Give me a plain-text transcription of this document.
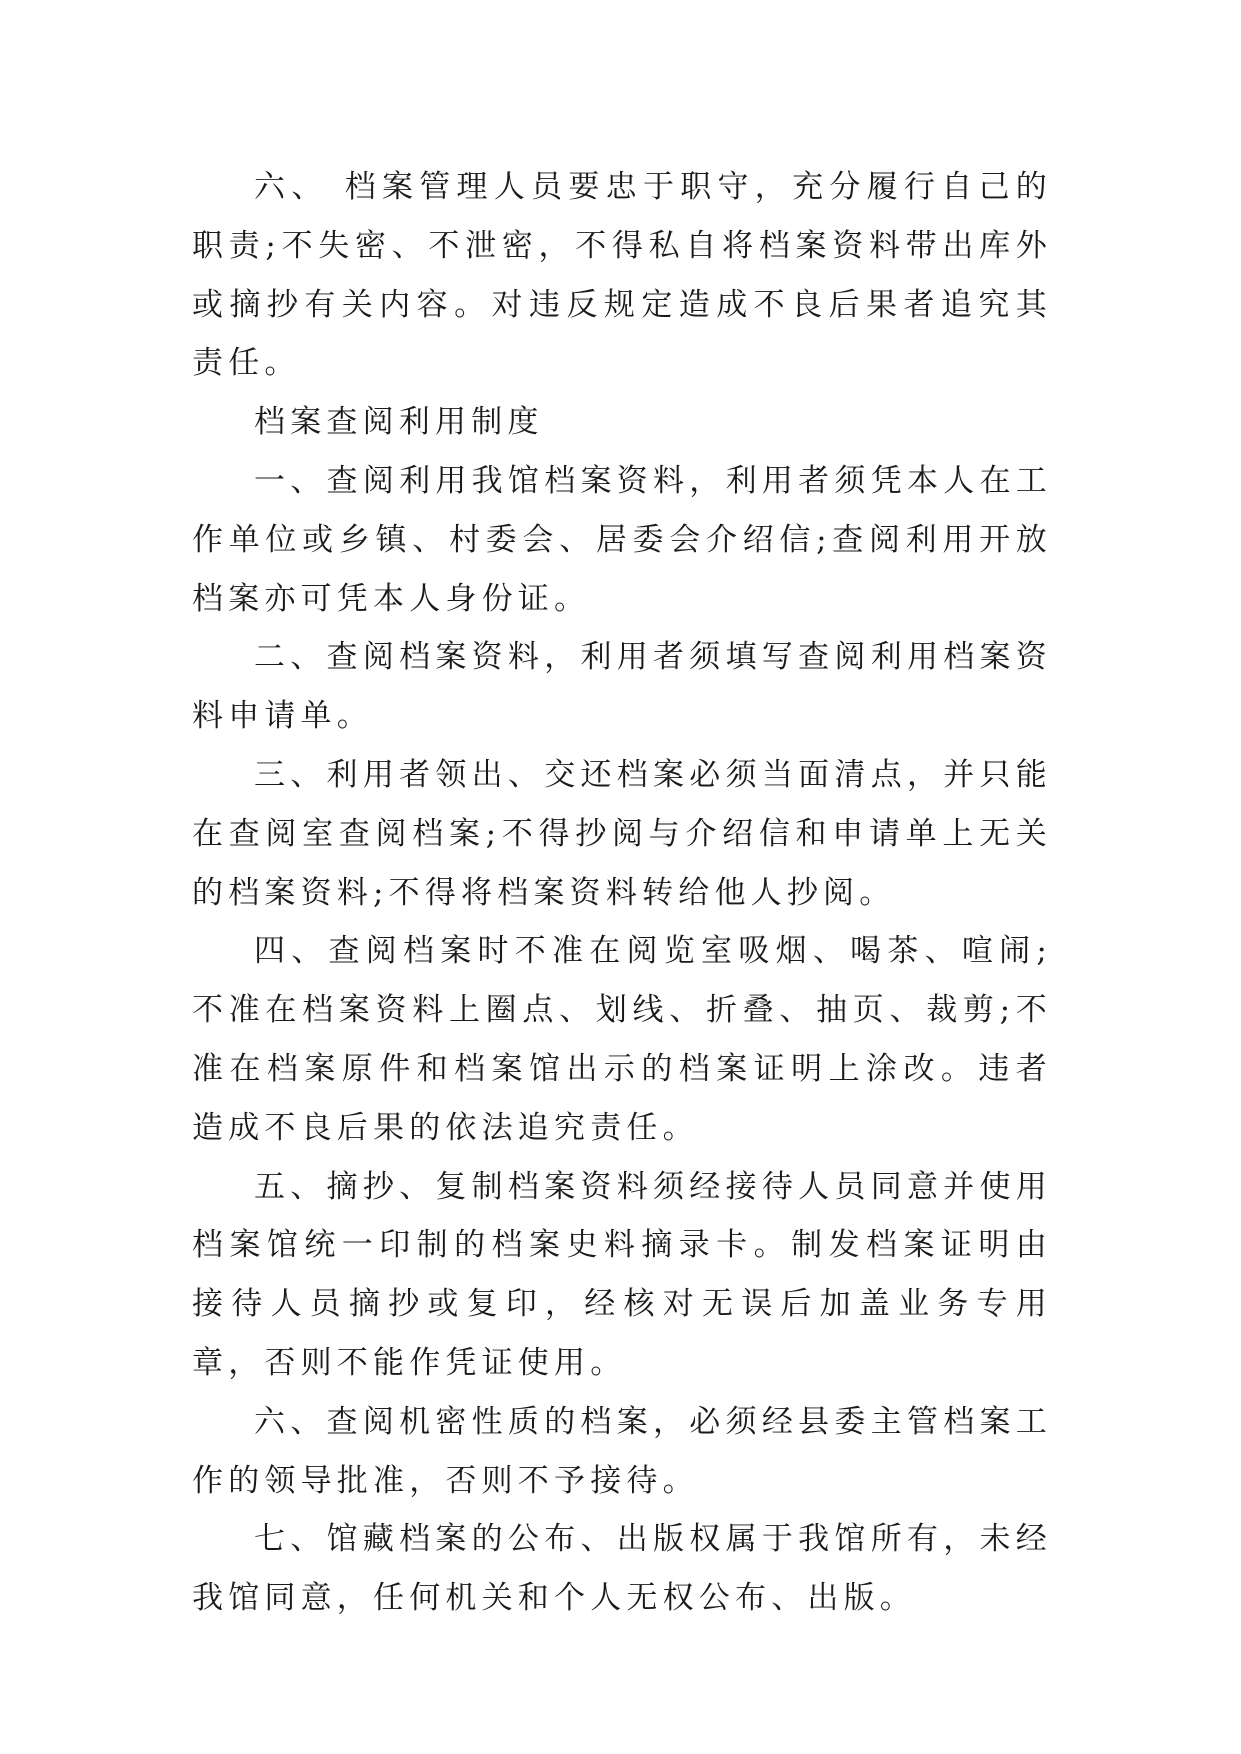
六、 档案管理人员要忠于职守，充分履行自己的职责;不失密、不泄密，不得私自将档案资料带出库外或摘抄有关内容。对违反规定造成不良后果者追究其责任。

档案查阅利用制度

一、查阅利用我馆档案资料，利用者须凭本人在工作单位或乡镇、村委会、居委会介绍信;查阅利用开放档案亦可凭本人身份证。

二、查阅档案资料，利用者须填写查阅利用档案资料申请单。

三、利用者领出、交还档案必须当面清点，并只能在查阅室查阅档案;不得抄阅与介绍信和申请单上无关的档案资料;不得将档案资料转给他人抄阅。

四、查阅档案时不准在阅览室吸烟、喝茶、喧闹;不准在档案资料上圈点、划线、折叠、抽页、裁剪;不准在档案原件和档案馆出示的档案证明上涂改。违者造成不良后果的依法追究责任。

五、摘抄、复制档案资料须经接待人员同意并使用档案馆统一印制的档案史料摘录卡。制发档案证明由接待人员摘抄或复印，经核对无误后加盖业务专用章，否则不能作凭证使用。

六、查阅机密性质的档案，必须经县委主管档案工作的领导批准，否则不予接待。

七、馆藏档案的公布、出版权属于我馆所有，未经我馆同意，任何机关和个人无权公布、出版。
